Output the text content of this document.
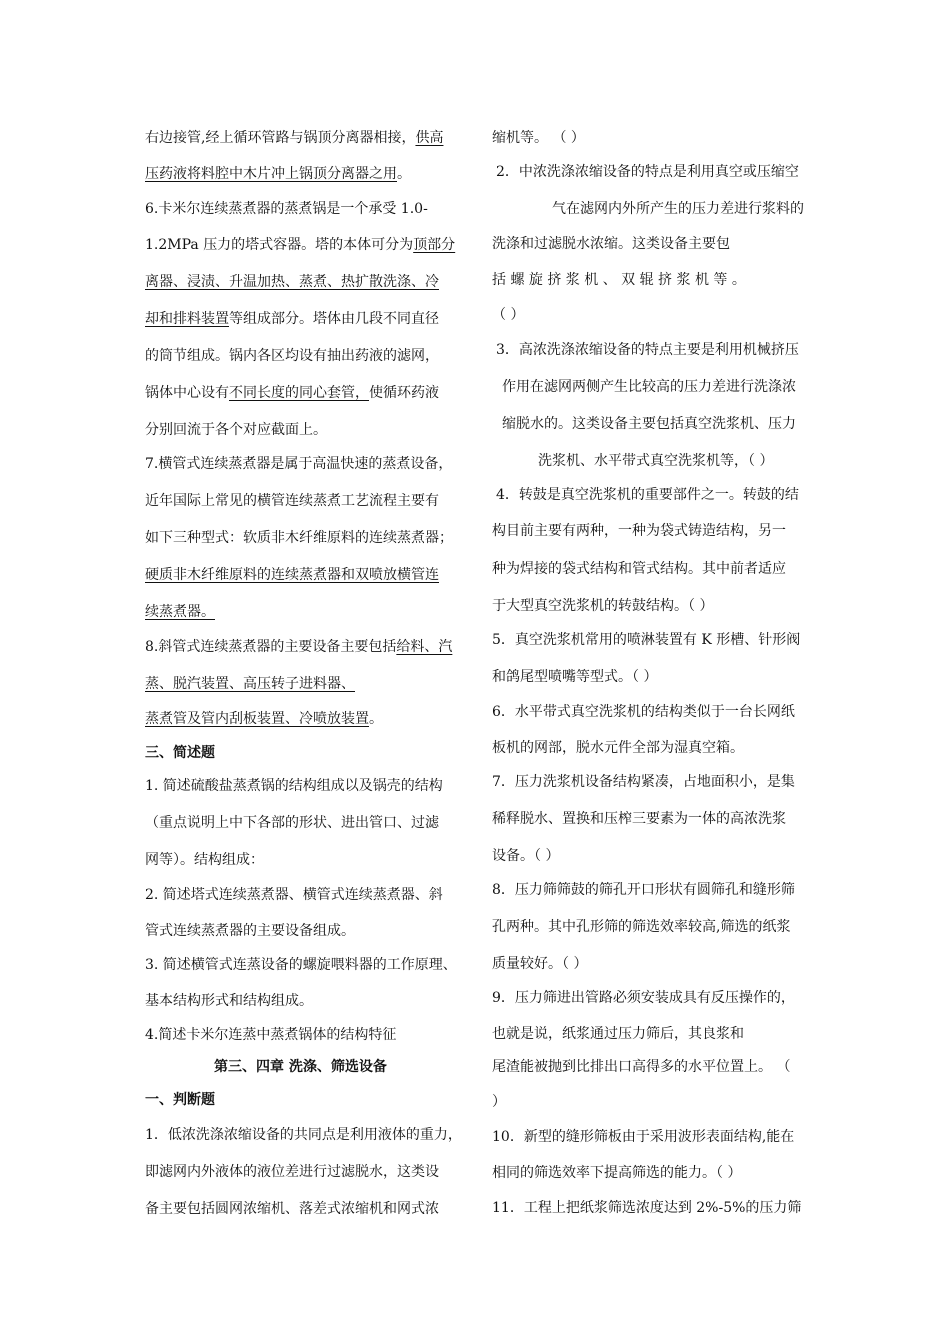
右边接管,经上循环管路与锅顶分离器相接，供高
压药液将料腔中木片冲上锅顶分离器之用。
6.卡米尔连续蒸煮器的蒸煮锅是一个承受 1.0-
1.2MPa 压力的塔式容器。塔的本体可分为顶部分
离器、浸渍、升温加热、蒸煮、热扩散洗涤、冷
却和排料装置等组成部分。塔体由几段不同直径
的筒节组成。锅内各区均设有抽出药液的滤网，
锅体中心设有不同长度的同心套管，使循环药液
分别回流于各个对应截面上。
7.横管式连续蒸煮器是属于高温快速的蒸煮设备，
近年国际上常见的横管连续蒸煮工艺流程主要有
如下三种型式：软质非木纤维原料的连续蒸煮器；
硬质非木纤维原料的连续蒸煮器和双喷放横管连
续蒸煮器。
8.斜管式连续蒸煮器的主要设备主要包括给料、汽
蒸、脱汽装置、高压转子进料器、
蒸煮管及管内刮板装置、冷喷放装置。
三、简述题
1. 简述硫酸盐蒸煮锅的结构组成以及锅壳的结构
（重点说明上中下各部的形状、进出管口、过滤
网等）。结构组成：
2. 简述塔式连续蒸煮器、横管式连续蒸煮器、斜
管式连续蒸煮器的主要设备组成。
3. 简述横管式连蒸设备的螺旋喂料器的工作原理、
基本结构形式和结构组成。
4.简述卡米尔连蒸中蒸煮锅体的结构特征
第三、四章 洗涤、筛选设备
一、判断题
1．低浓洗涤浓缩设备的共同点是利用液体的重力，
即滤网内外液体的液位差进行过滤脱水，这类设
备主要包括圆网浓缩机、落差式浓缩机和网式浓
缩机等。 （ ）
2．中浓洗涤浓缩设备的特点是利用真空或压缩空
气在滤网内外所产生的压力差进行浆料的
洗涤和过滤脱水浓缩。这类设备主要包
括 螺 旋 挤 浆 机 、 双 辊 挤 浆 机 等 。
（ ）
3．高浓洗涤浓缩设备的特点主要是利用机械挤压
作用在滤网两侧产生比较高的压力差进行洗涤浓
缩脱水的。这类设备主要包括真空洗浆机、压力
洗浆机、水平带式真空洗浆机等，（ ）
4．转鼓是真空洗浆机的重要部件之一。转鼓的结
构目前主要有两种，一种为袋式铸造结构，另一
种为焊接的袋式结构和管式结构。其中前者适应
于大型真空洗浆机的转鼓结构。（ ）
5．真空洗浆机常用的喷淋装置有 K 形槽、针形阀
和鸽尾型喷嘴等型式。（ ）
6．水平带式真空洗浆机的结构类似于一台长网纸
板机的网部，脱水元件全部为湿真空箱。
7．压力洗浆机设备结构紧凑，占地面积小，是集
稀释脱水、置换和压榨三要素为一体的高浓洗浆
设备。（ ）
8．压力筛筛鼓的筛孔开口形状有圆筛孔和缝形筛
孔两种。其中孔形筛的筛选效率较高,筛选的纸浆
质量较好。（ ）
9．压力筛进出管路必须安装成具有反压操作的，
也就是说，纸浆通过压力筛后，其良浆和
尾渣能被抛到比排出口高得多的水平位置上。 （
）
10．新型的缝形筛板由于采用波形表面结构,能在
相同的筛选效率下提高筛选的能力。（ ）
11．工程上把纸浆筛选浓度达到 2%-5%的压力筛
